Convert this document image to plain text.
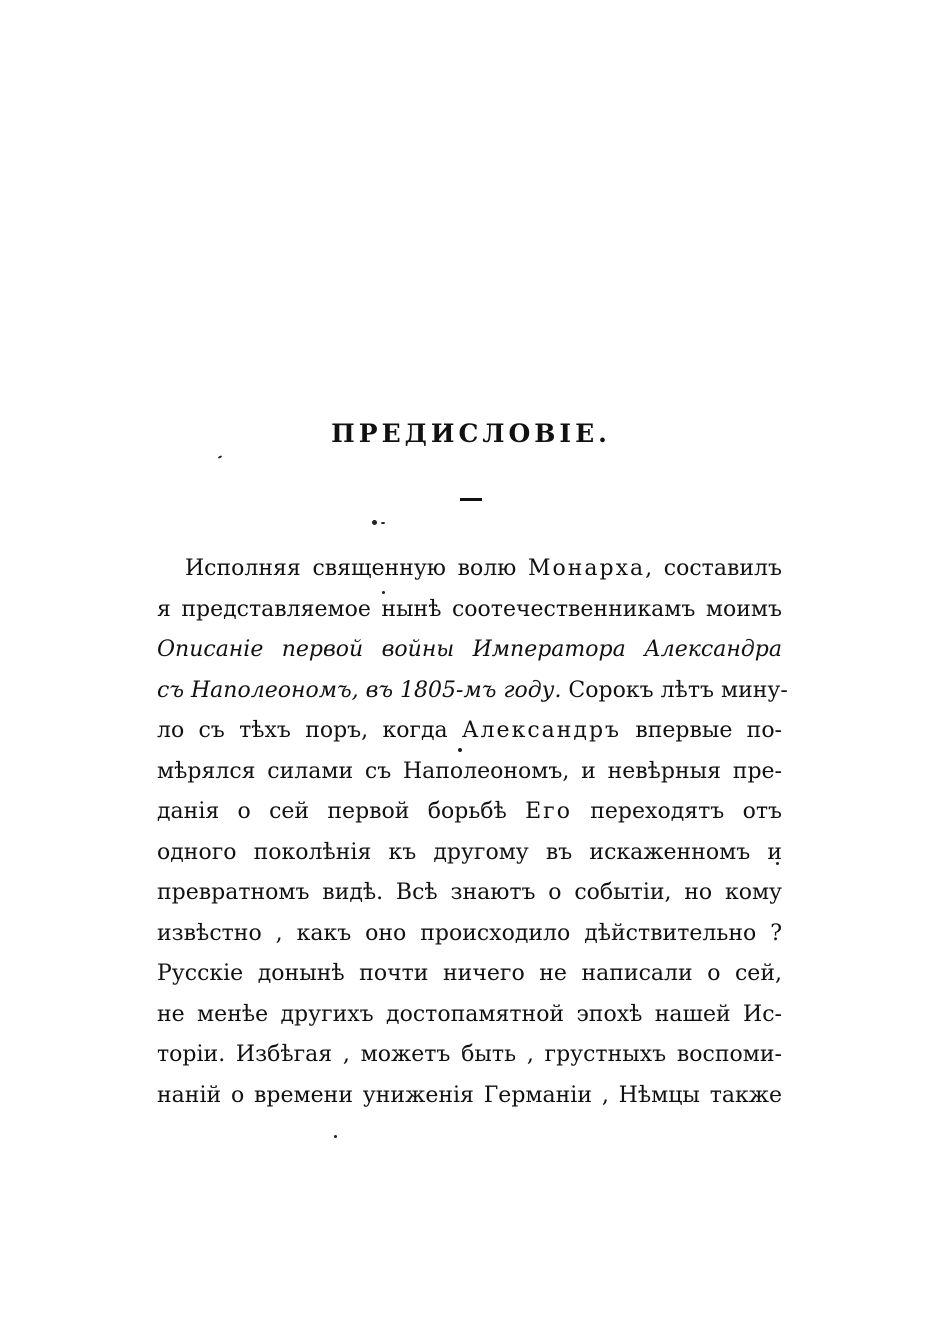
ПРЕДИСЛОВІЕ.
Исполняя священную волю Монарха, составилъ
я представляемое нынѣ соотечественникамъ моимъ
Описаніе первой войны Императора Александра
съ Наполеономъ, въ 1805-мъ году. Сорокъ лѣтъ мину-
ло съ тѣхъ поръ, когда Александръ впервые по-
мѣрялся силами съ Наполеономъ, и невѣрныя пре-
данія о сей первой борьбѣ Его переходятъ отъ
одного поколѣнія къ другому въ искаженномъ и
превратномъ видѣ. Всѣ знаютъ о событіи, но кому
извѣстно , какъ оно происходило дѣйствительно ?
Русскіе донынѣ почти ничего не написали о сей,
не менѣе другихъ достопамятной эпохѣ нашей Ис-
торіи. Избѣгая , можетъ быть , грустныхъ воспоми-
наній о времени униженія Германіи , Нѣмцы также
